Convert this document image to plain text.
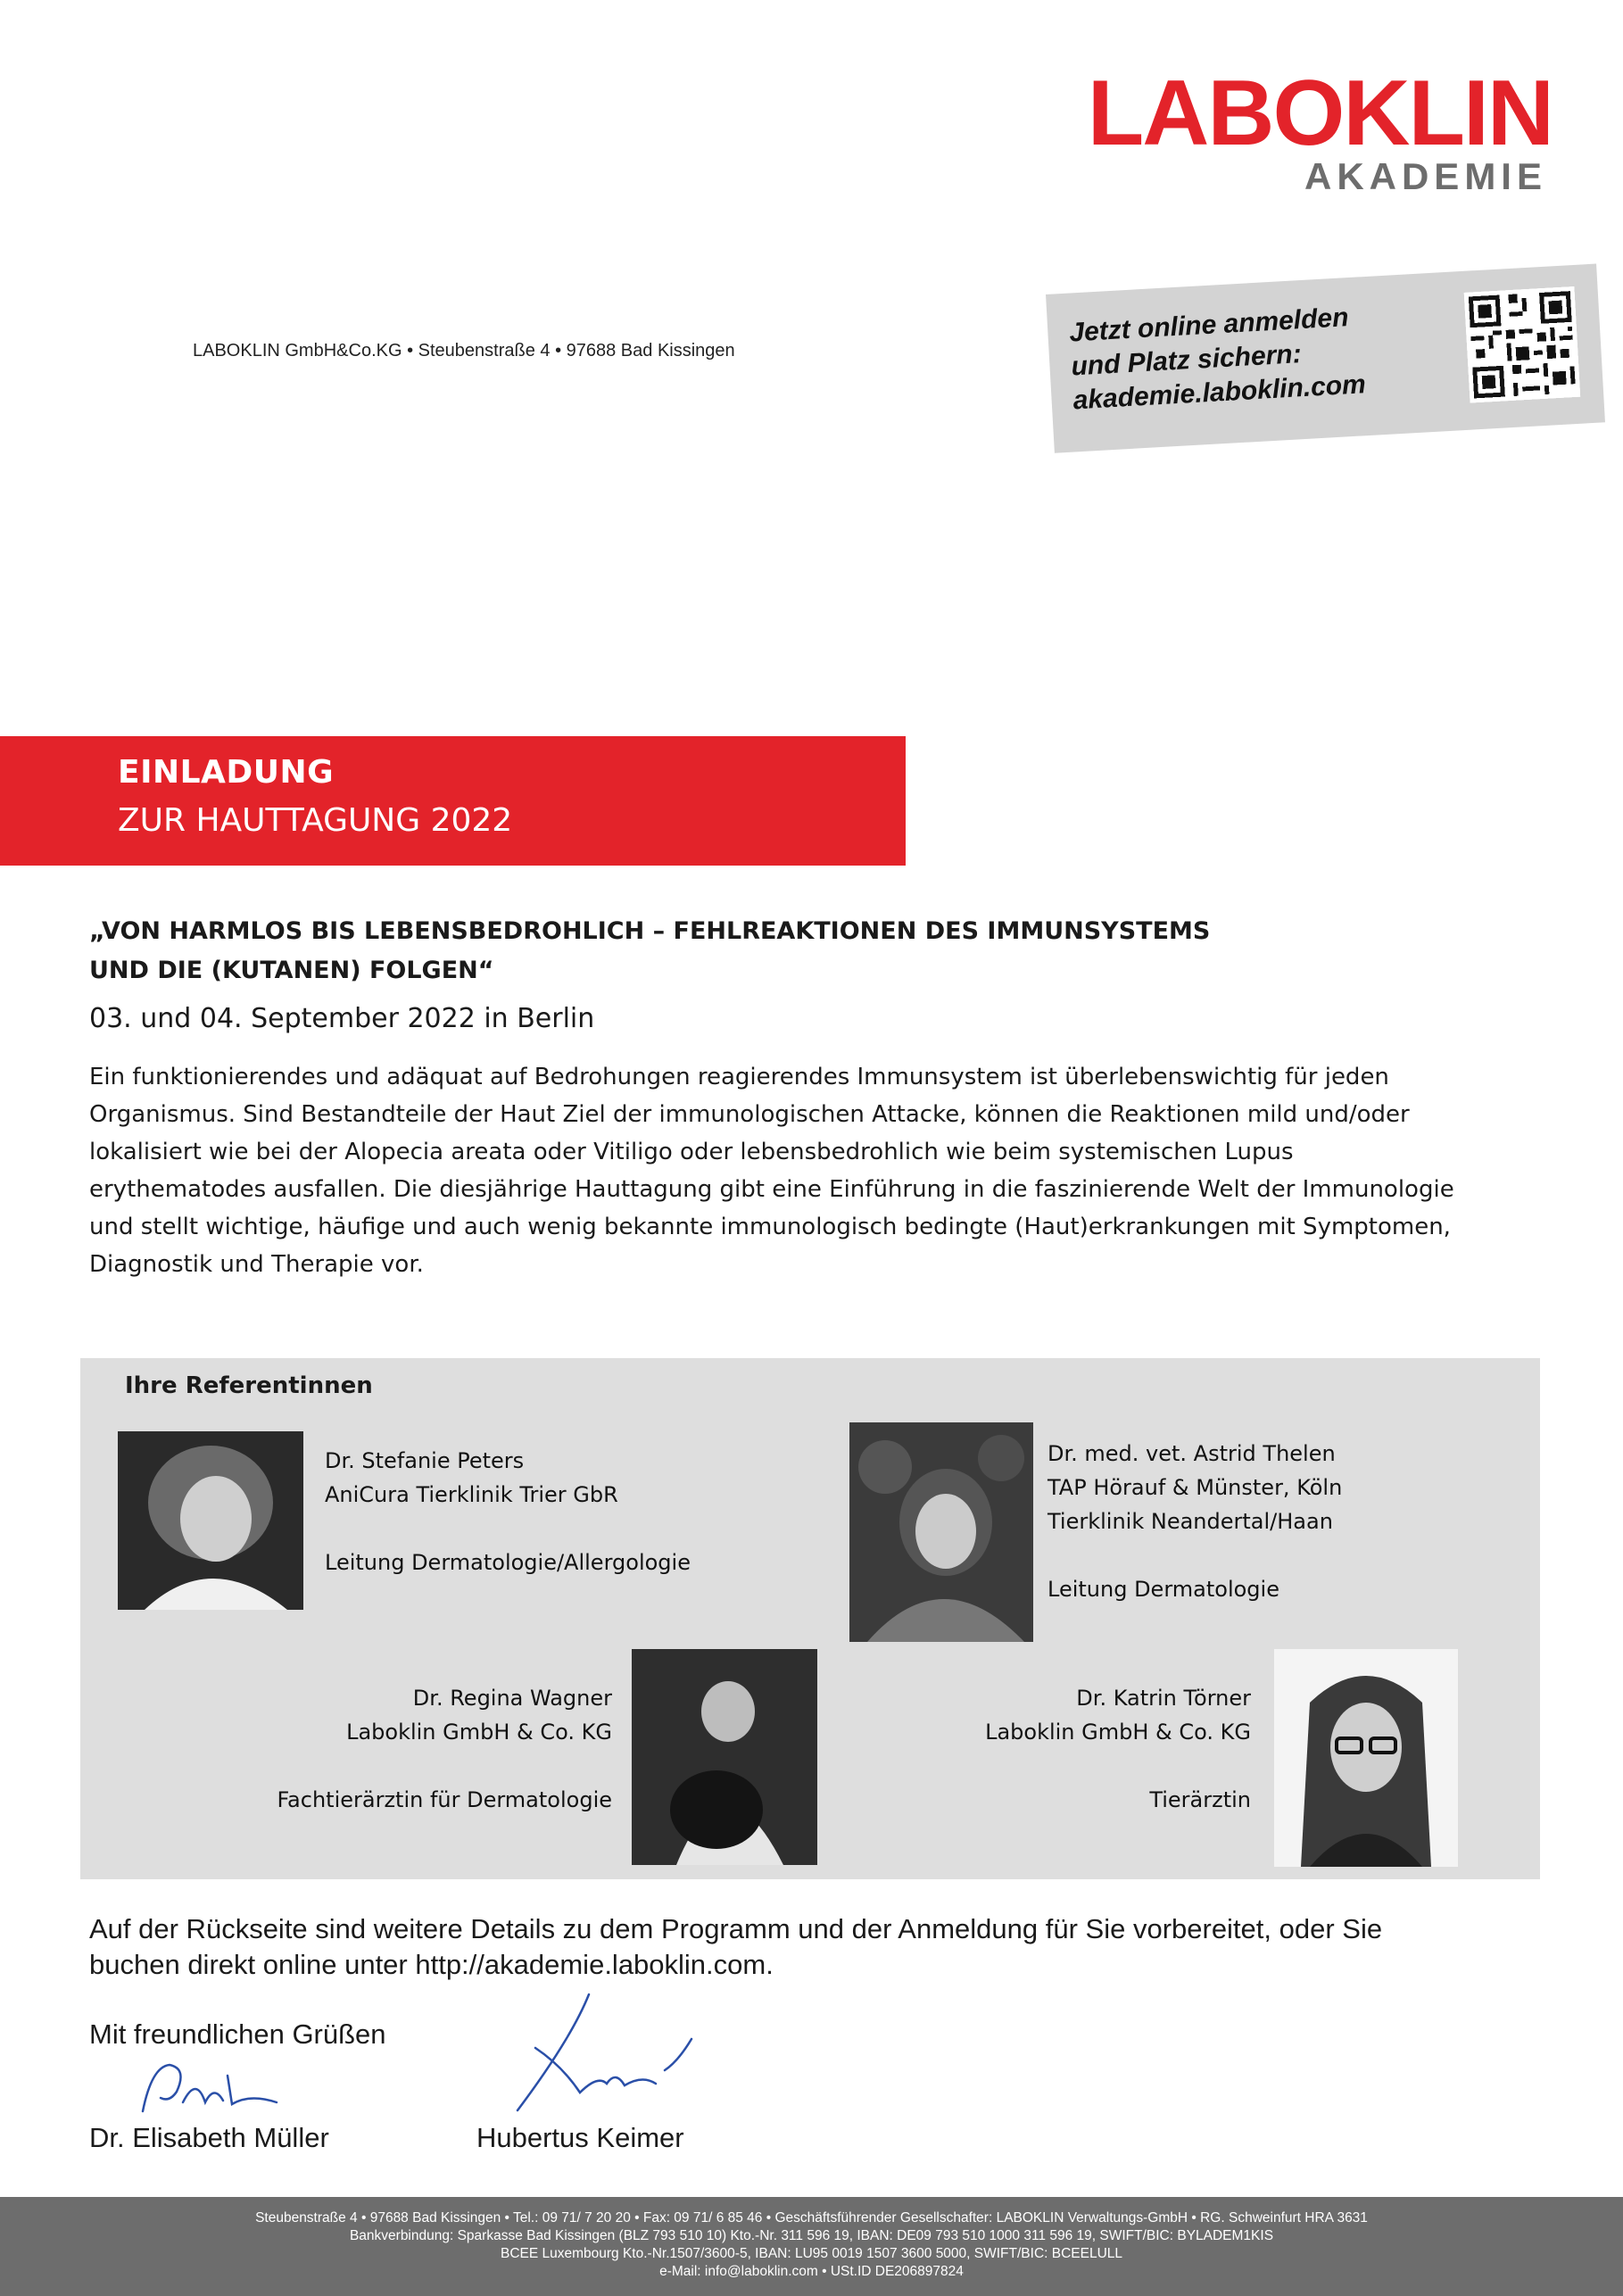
LABOKLIN
AKADEMIE
LABOKLIN GmbH&Co.KG • Steubenstraße 4 • 97688 Bad Kissingen
Jetzt online anmelden
und Platz sichern:
akademie.laboklin.com
EINLADUNG
ZUR HAUTTAGUNG 2022
„VON HARMLOS BIS LEBENSBEDROHLICH – FEHLREAKTIONEN DES IMMUNSYSTEMS
UND DIE (KUTANEN) FOLGEN“
03. und 04. September 2022 in Berlin
Ein funktionierendes und adäquat auf Bedrohungen reagierendes Immunsystem ist überlebenswichtig für jeden
Organismus. Sind Bestandteile der Haut Ziel der immunologischen Attacke, können die Reaktionen mild und/oder
lokalisiert wie bei der Alopecia areata oder Vitiligo oder lebensbedrohlich wie beim systemischen Lupus
erythematodes ausfallen. Die diesjährige Hauttagung gibt eine Einführung in die faszinierende Welt der Immunologie
und stellt wichtige, häufige und auch wenig bekannte immunologisch bedingte (Haut)erkrankungen mit Symptomen,
Diagnostik und Therapie vor.
Ihre Referentinnen
Dr. Stefanie Peters
AniCura Tierklinik Trier GbR
Leitung Dermatologie/Allergologie
Dr. med. vet. Astrid Thelen
TAP Hörauf & Münster, Köln
Tierklinik Neandertal/Haan
Leitung Dermatologie
Dr. Regina Wagner
Laboklin GmbH & Co. KG
Fachtierärztin für Dermatologie
Dr. Katrin Törner
Laboklin GmbH & Co. KG
Tierärztin
Auf der Rückseite sind weitere Details zu dem Programm und der Anmeldung für Sie vorbereitet, oder Sie
buchen direkt online unter http://akademie.laboklin.com.
Mit freundlichen Grüßen
Dr. Elisabeth Müller	Hubertus Keimer
Steubenstraße 4 • 97688 Bad Kissingen • Tel.: 09 71/ 7 20 20 • Fax: 09 71/ 6 85 46 • Geschäftsführender Gesellschafter: LABOKLIN Verwaltungs-GmbH • RG. Schweinfurt HRA 3631
Bankverbindung: Sparkasse Bad Kissingen (BLZ 793 510 10) Kto.-Nr. 311 596 19, IBAN: DE09 793 510 1000 311 596 19, SWIFT/BIC: BYLADEM1KIS
BCEE Luxembourg Kto.-Nr.1507/3600-5, IBAN: LU95 0019 1507 3600 5000, SWIFT/BIC: BCEELULL
e-Mail: info@laboklin.com • USt.ID DE206897824
